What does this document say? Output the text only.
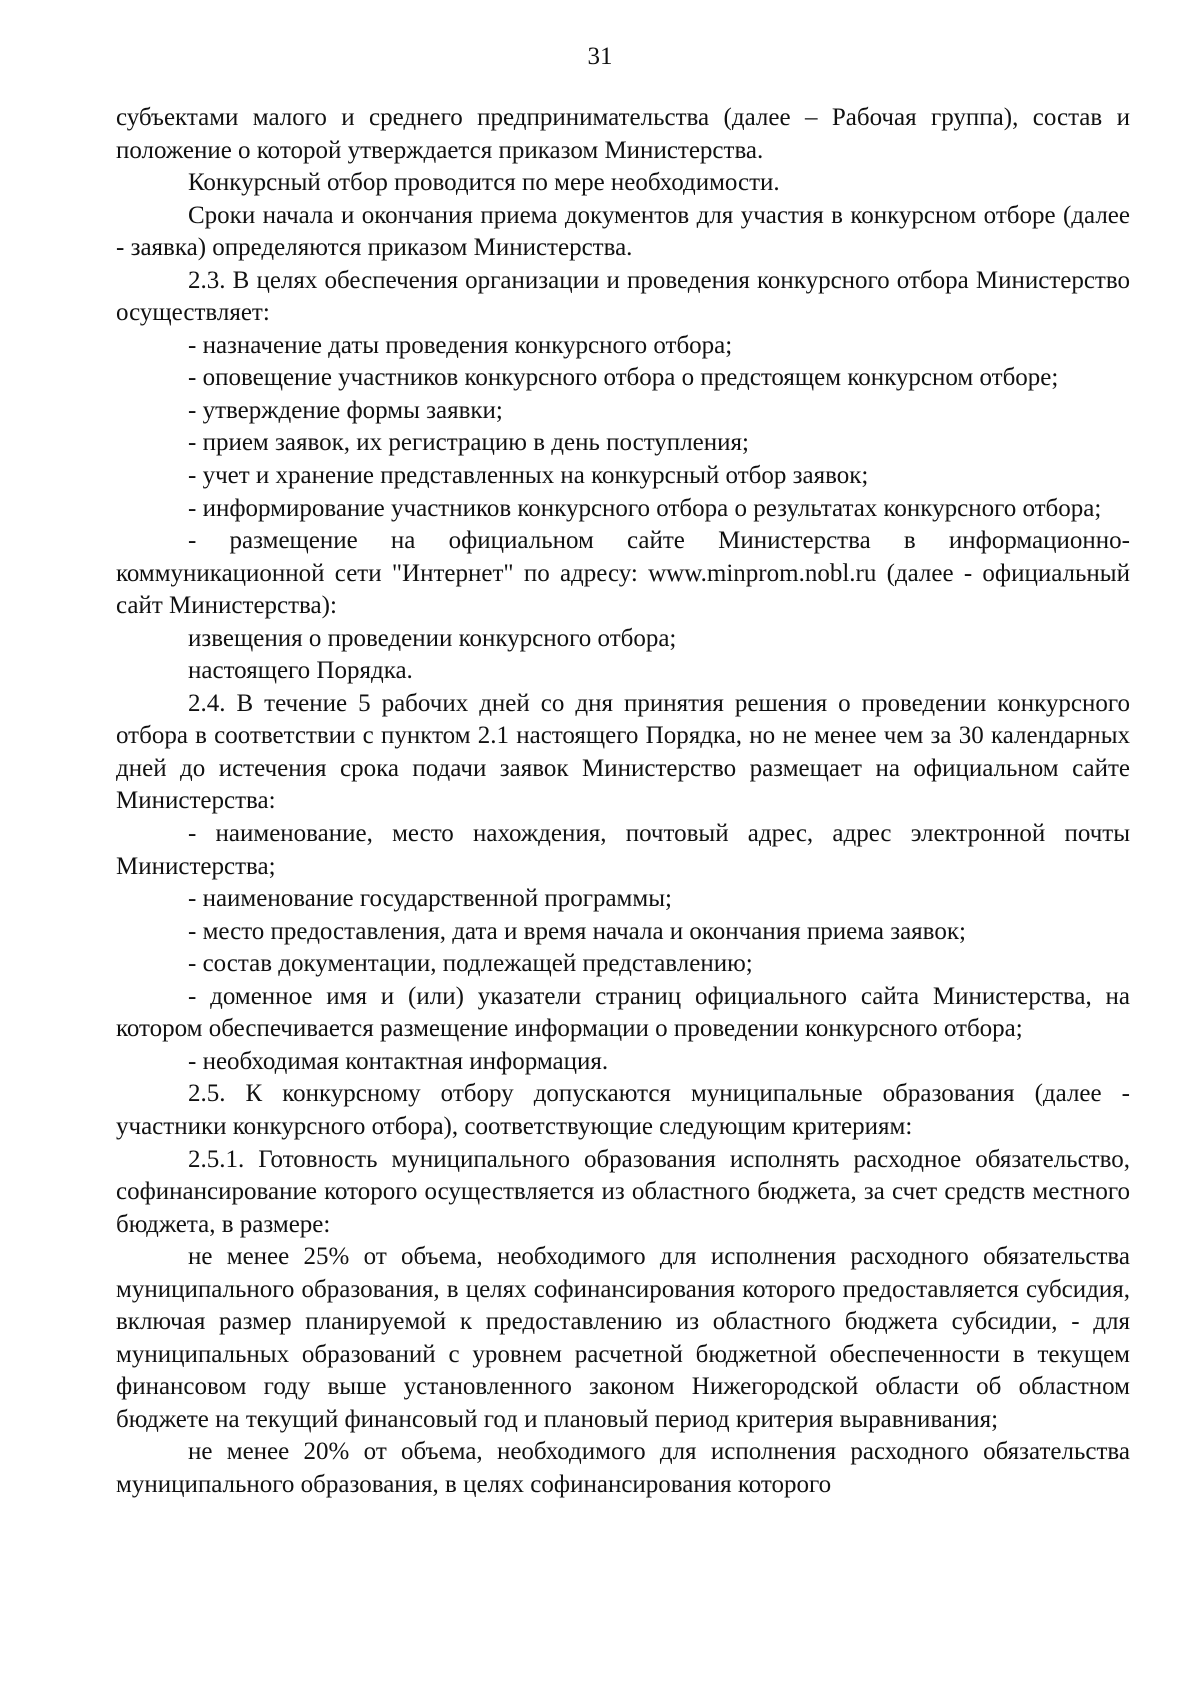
31

субъектами малого и среднего предпринимательства (далее – Рабочая группа), состав и положение о которой утверждается приказом Министерства.

Конкурсный отбор проводится по мере необходимости.

Сроки начала и окончания приема документов для участия в конкурсном отборе (далее - заявка) определяются приказом Министерства.

2.3. В целях обеспечения организации и проведения конкурсного отбора Министерство осуществляет:

- назначение даты проведения конкурсного отбора;

- оповещение участников конкурсного отбора о предстоящем конкурсном отборе;

- утверждение формы заявки;

- прием заявок, их регистрацию в день поступления;

- учет и хранение представленных на конкурсный отбор заявок;

- информирование участников конкурсного отбора о результатах конкурсного отбора;

- размещение на официальном сайте Министерства в информационно-коммуникационной сети "Интернет" по адресу: www.minprom.nobl.ru (далее - официальный сайт Министерства):

извещения о проведении конкурсного отбора;

настоящего Порядка.

2.4. В течение 5 рабочих дней со дня принятия решения о проведении конкурсного отбора в соответствии с пунктом 2.1 настоящего Порядка, но не менее чем за 30 календарных дней до истечения срока подачи заявок Министерство размещает на официальном сайте Министерства:

- наименование, место нахождения, почтовый адрес, адрес электронной почты Министерства;

- наименование государственной программы;

- место предоставления, дата и время начала и окончания приема заявок;

- состав документации, подлежащей представлению;

- доменное имя и (или) указатели страниц официального сайта Министерства, на котором обеспечивается размещение информации о проведении конкурсного отбора;

- необходимая контактная информация.

2.5. К конкурсному отбору допускаются муниципальные образования (далее - участники конкурсного отбора), соответствующие следующим критериям:

2.5.1. Готовность муниципального образования исполнять расходное обязательство, софинансирование которого осуществляется из областного бюджета, за счет средств местного бюджета, в размере:

не менее 25% от объема, необходимого для исполнения расходного обязательства муниципального образования, в целях софинансирования которого предоставляется субсидия, включая размер планируемой к предоставлению из областного бюджета субсидии, - для муниципальных образований с уровнем расчетной бюджетной обеспеченности в текущем финансовом году выше установленного законом Нижегородской области об областном бюджете на текущий финансовый год и плановый период критерия выравнивания;

не менее 20% от объема, необходимого для исполнения расходного обязательства муниципального образования, в целях софинансирования которого
